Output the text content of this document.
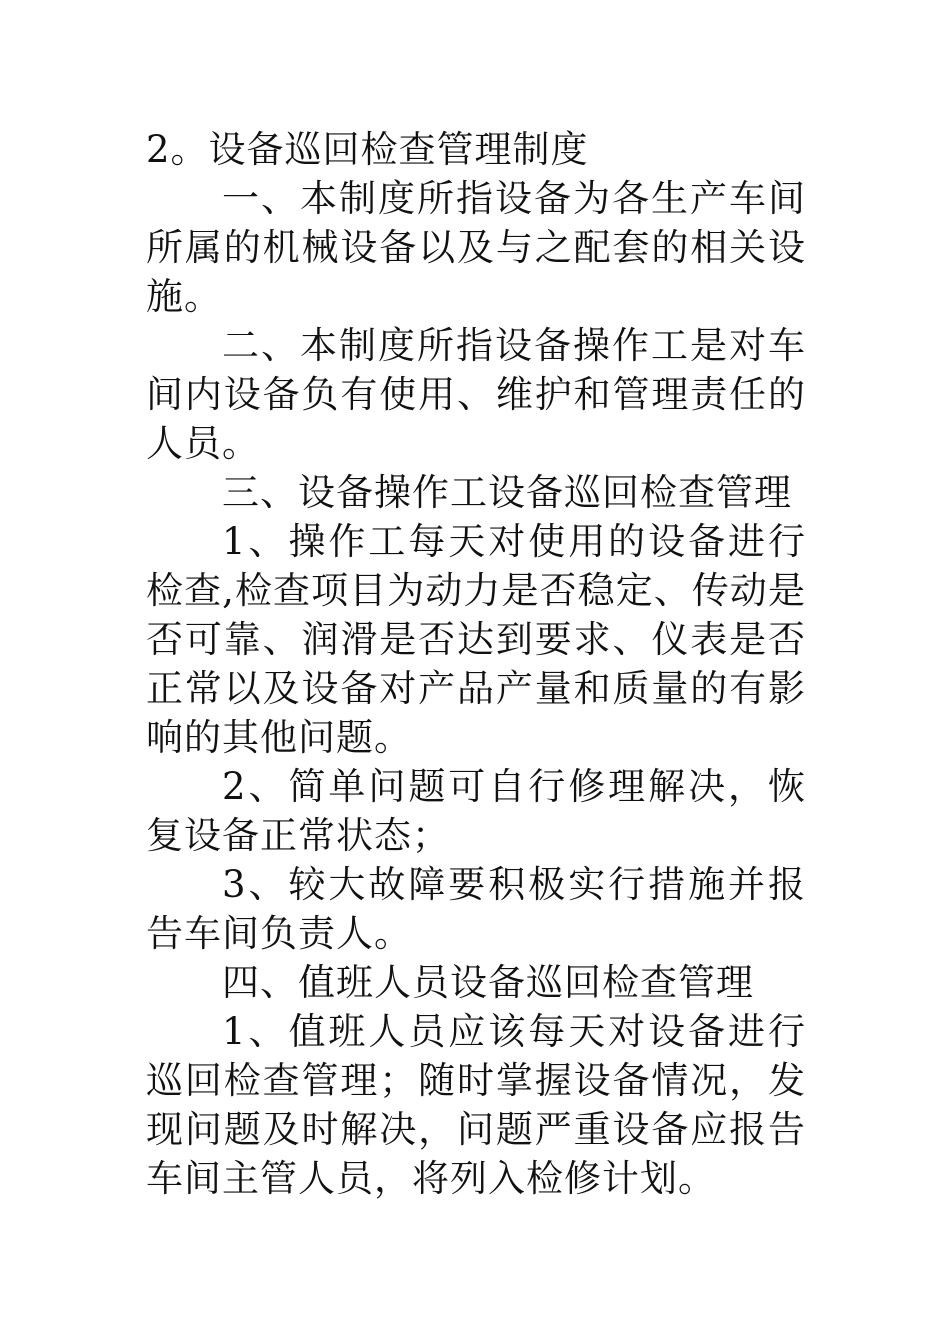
2。设备巡回检查管理制度

一、本制度所指设备为各生产车间所属的机械设备以及与之配套的相关设施。

二、本制度所指设备操作工是对车间内设备负有使用、维护和管理责任的人员。

三、设备操作工设备巡回检查管理

1、操作工每天对使用的设备进行检查,检查项目为动力是否稳定、传动是否可靠、润滑是否达到要求、仪表是否正常以及设备对产品产量和质量的有影响的其他问题。

2、简单问题可自行修理解决，恢复设备正常状态；

3、较大故障要积极实行措施并报告车间负责人。

四、值班人员设备巡回检查管理

1、值班人员应该每天对设备进行巡回检查管理；随时掌握设备情况，发现问题及时解决，问题严重设备应报告车间主管人员，将列入检修计划。
